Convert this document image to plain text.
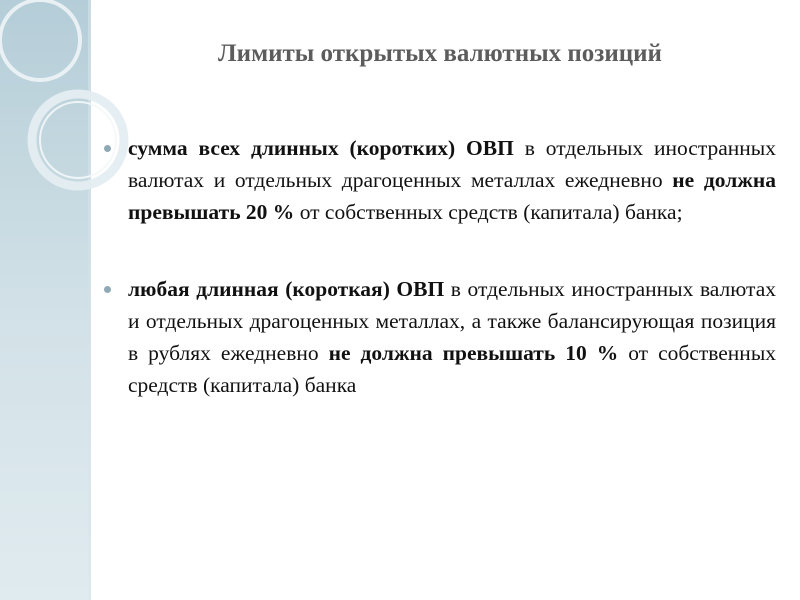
Лимиты открытых валютных позиций
сумма всех длинных (коротких) ОВП в отдельных иностранных валютах и отдельных драгоценных металлах ежедневно не должна превышать 20 % от собственных средств (капитала) банка;
любая длинная (короткая) ОВП в отдельных иностранных валютах и отдельных драгоценных металлах, а также балансирующая позиция в рублях ежедневно не должна превышать 10 % от собственных средств (капитала) банка
